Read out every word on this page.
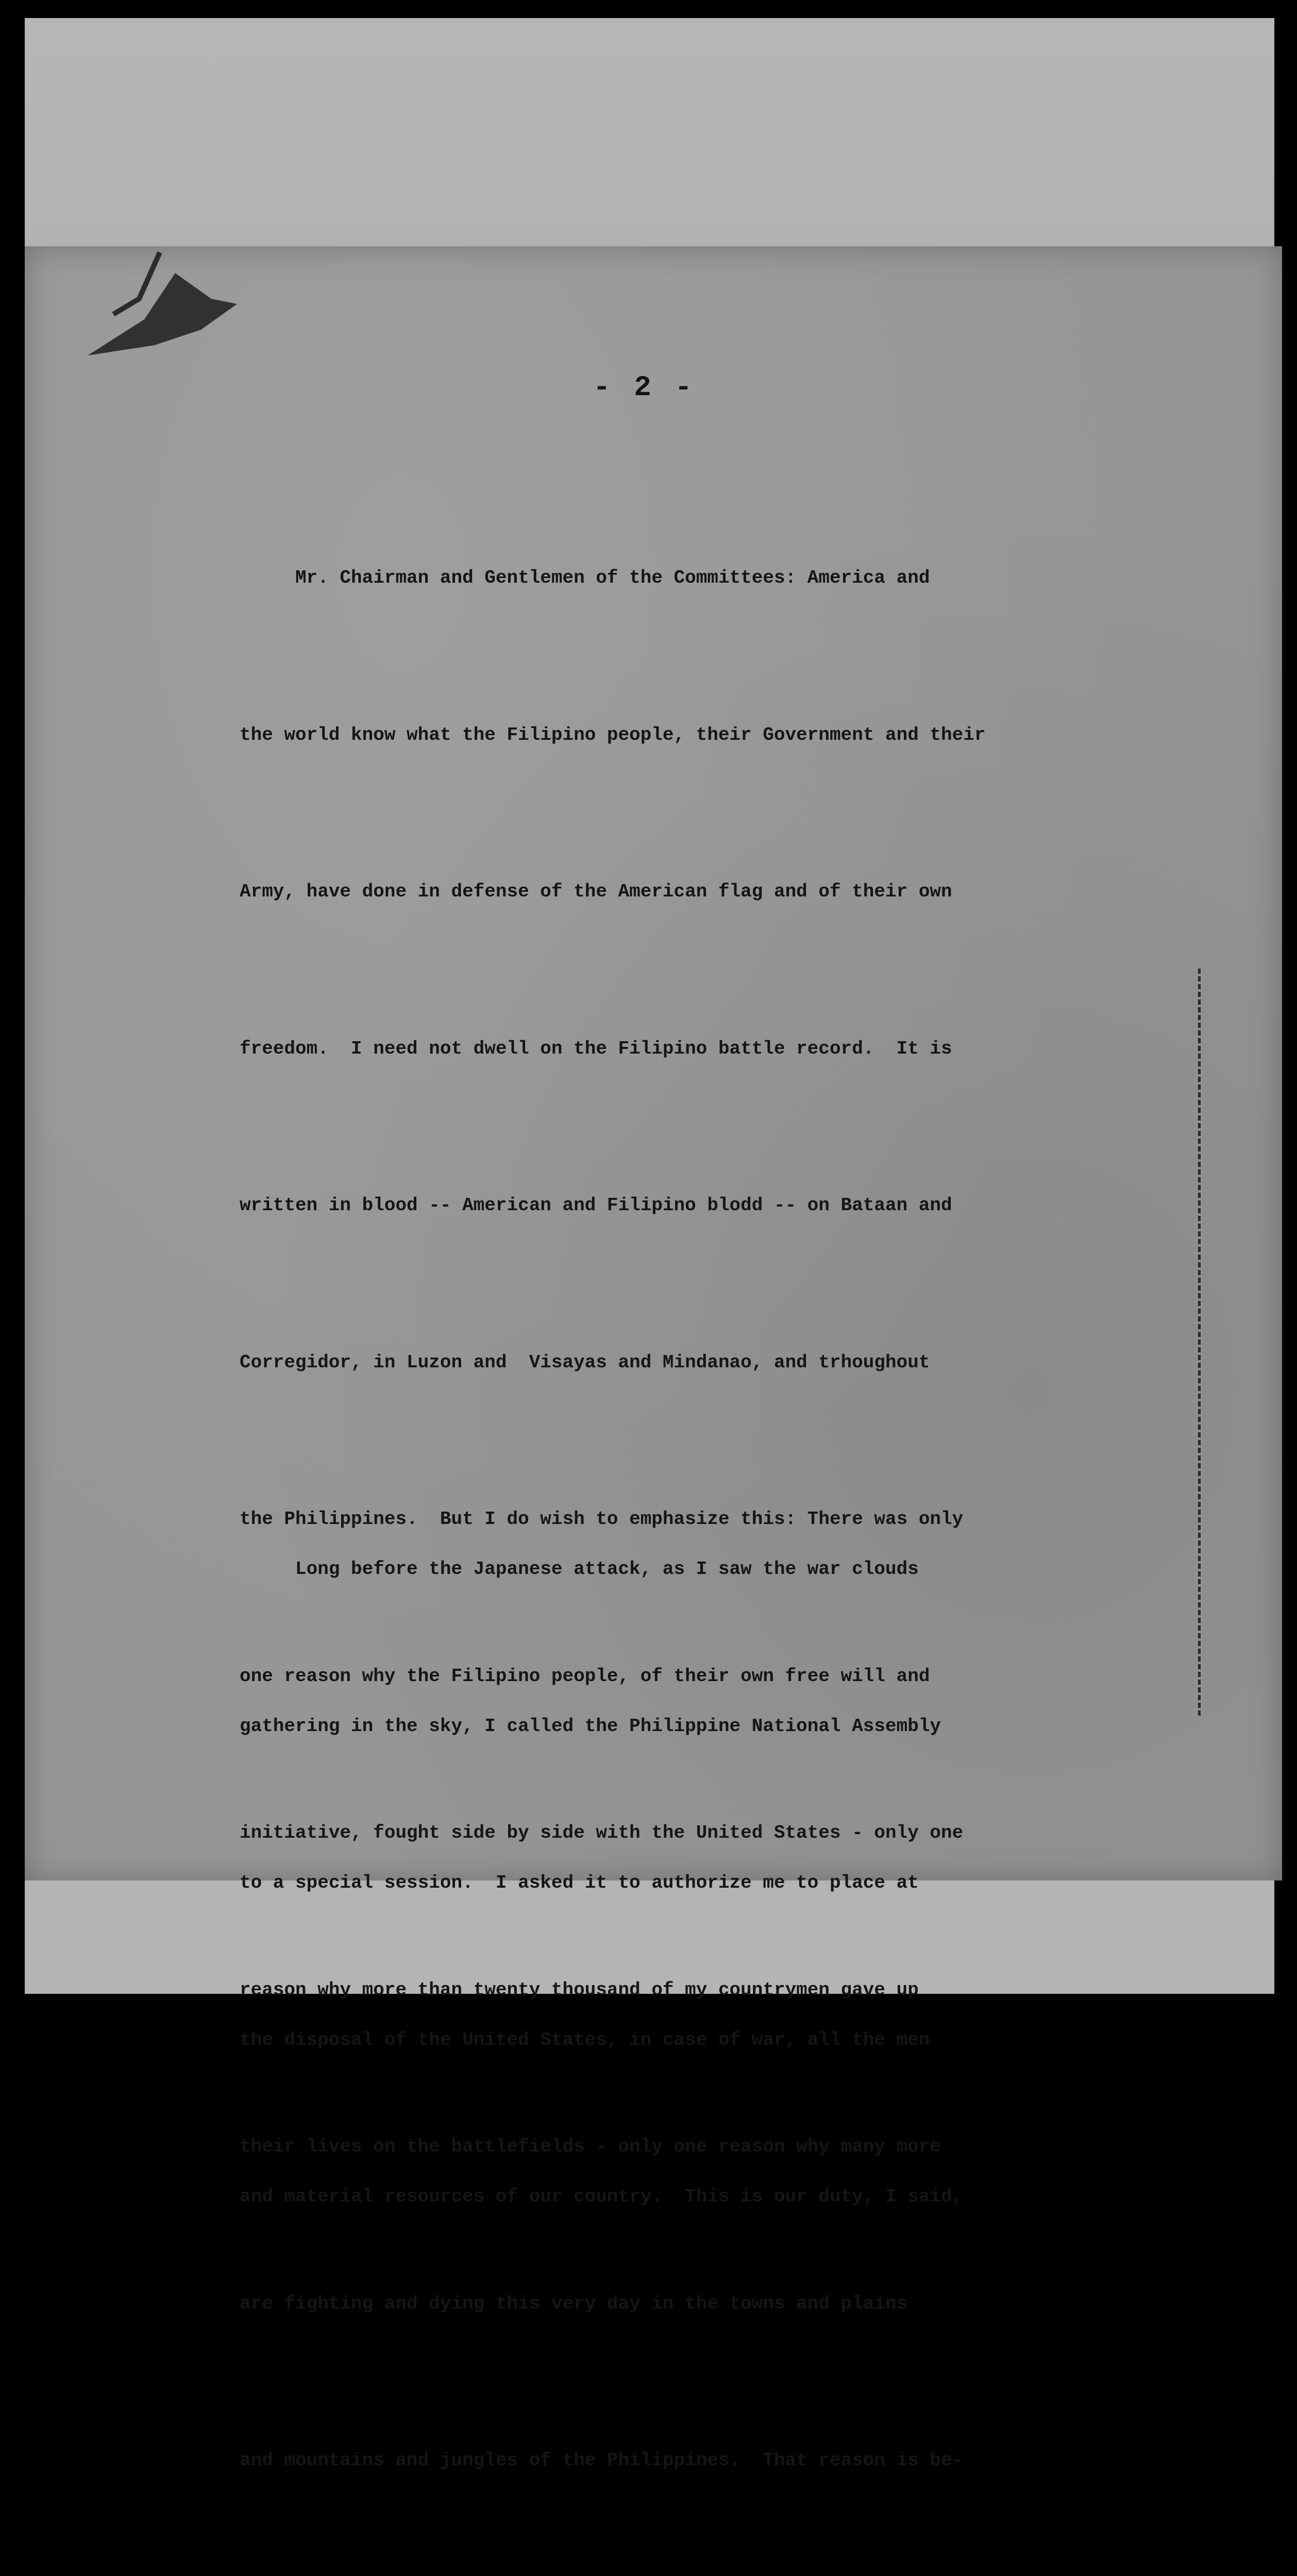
- 2 -

Mr. Chairman and Gentlemen of the Committees: America and

the world know what the Filipino people, their Government and their

Army, have done in defense of the American flag and of their own

freedom.  I need not dwell on the Filipino battle record.  It is

written in blood -- American and Filipino blodd -- on Bataan and

Corregidor, in Luzon and  Visayas and Mindanao, and trhoughout

the Philippines.  But I do wish to emphasize this: There was only

one reason why the Filipino people, of their own free will and

initiative, fought side by side with the United States - only one

reason why more than twenty thousand of my countrymen gave up

their lives on the battlefields - only one reason why many more

are fighting and dying this very day in the towns and plains

and mountains and jungles of the Philippines.  That reason is be-

Long before the Japanese attack, as I saw the war clouds

gathering in the sky, I called the Philippine National Assembly

to a special session.  I asked it to authorize me to place at

the disposal of the United States, in case of war, all the men

and material resources of our country.  This is our duty, I said,
